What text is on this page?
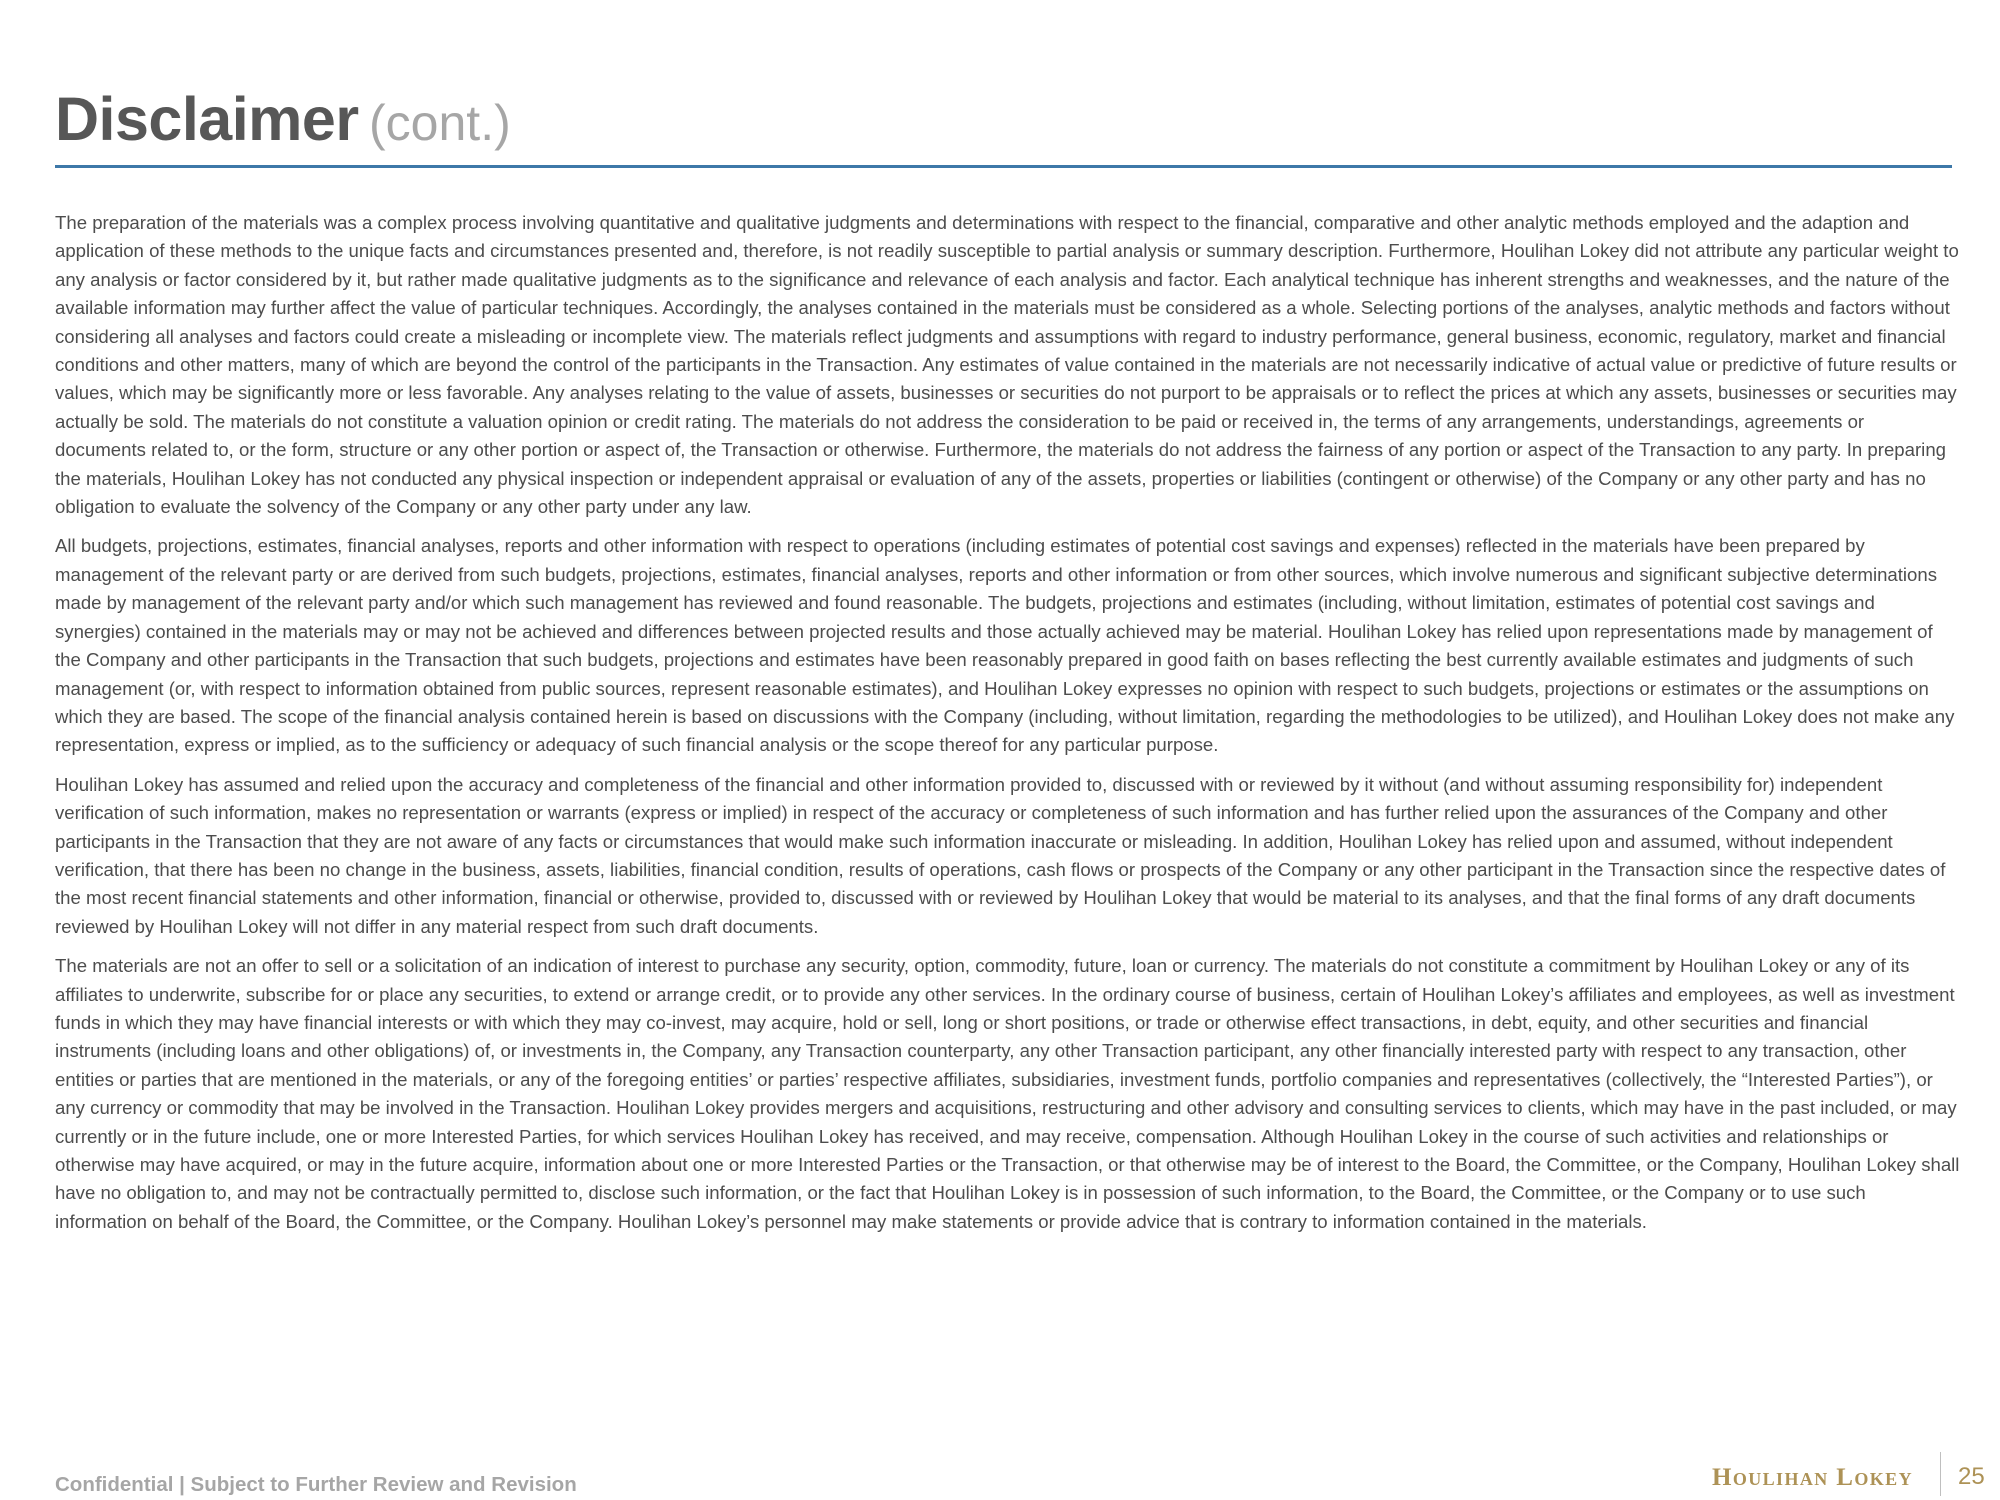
Disclaimer (cont.)

The preparation of the materials was a complex process involving quantitative and qualitative judgments and determinations with respect to the financial, comparative and other analytic methods employed and the adaption and application of these methods to the unique facts and circumstances presented and, therefore, is not readily susceptible to partial analysis or summary description. Furthermore, Houlihan Lokey did not attribute any particular weight to any analysis or factor considered by it, but rather made qualitative judgments as to the significance and relevance of each analysis and factor. Each analytical technique has inherent strengths and weaknesses, and the nature of the available information may further affect the value of particular techniques. Accordingly, the analyses contained in the materials must be considered as a whole. Selecting portions of the analyses, analytic methods and factors without considering all analyses and factors could create a misleading or incomplete view. The materials reflect judgments and assumptions with regard to industry performance, general business, economic, regulatory, market and financial conditions and other matters, many of which are beyond the control of the participants in the Transaction. Any estimates of value contained in the materials are not necessarily indicative of actual value or predictive of future results or values, which may be significantly more or less favorable. Any analyses relating to the value of assets, businesses or securities do not purport to be appraisals or to reflect the prices at which any assets, businesses or securities may actually be sold. The materials do not constitute a valuation opinion or credit rating. The materials do not address the consideration to be paid or received in, the terms of any arrangements, understandings, agreements or documents related to, or the form, structure or any other portion or aspect of, the Transaction or otherwise. Furthermore, the materials do not address the fairness of any portion or aspect of the Transaction to any party. In preparing the materials, Houlihan Lokey has not conducted any physical inspection or independent appraisal or evaluation of any of the assets, properties or liabilities (contingent or otherwise) of the Company or any other party and has no obligation to evaluate the solvency of the Company or any other party under any law.

All budgets, projections, estimates, financial analyses, reports and other information with respect to operations (including estimates of potential cost savings and expenses) reflected in the materials have been prepared by management of the relevant party or are derived from such budgets, projections, estimates, financial analyses, reports and other information or from other sources, which involve numerous and significant subjective determinations made by management of the relevant party and/or which such management has reviewed and found reasonable. The budgets, projections and estimates (including, without limitation, estimates of potential cost savings and synergies) contained in the materials may or may not be achieved and differences between projected results and those actually achieved may be material. Houlihan Lokey has relied upon representations made by management of the Company and other participants in the Transaction that such budgets, projections and estimates have been reasonably prepared in good faith on bases reflecting the best currently available estimates and judgments of such management (or, with respect to information obtained from public sources, represent reasonable estimates), and Houlihan Lokey expresses no opinion with respect to such budgets, projections or estimates or the assumptions on which they are based. The scope of the financial analysis contained herein is based on discussions with the Company (including, without limitation, regarding the methodologies to be utilized), and Houlihan Lokey does not make any representation, express or implied, as to the sufficiency or adequacy of such financial analysis or the scope thereof for any particular purpose.

Houlihan Lokey has assumed and relied upon the accuracy and completeness of the financial and other information provided to, discussed with or reviewed by it without (and without assuming responsibility for) independent verification of such information, makes no representation or warrants (express or implied) in respect of the accuracy or completeness of such information and has further relied upon the assurances of the Company and other participants in the Transaction that they are not aware of any facts or circumstances that would make such information inaccurate or misleading. In addition, Houlihan Lokey has relied upon and assumed, without independent verification, that there has been no change in the business, assets, liabilities, financial condition, results of operations, cash flows or prospects of the Company or any other participant in the Transaction since the respective dates of the most recent financial statements and other information, financial or otherwise, provided to, discussed with or reviewed by Houlihan Lokey that would be material to its analyses, and that the final forms of any draft documents reviewed by Houlihan Lokey will not differ in any material respect from such draft documents.

The materials are not an offer to sell or a solicitation of an indication of interest to purchase any security, option, commodity, future, loan or currency. The materials do not constitute a commitment by Houlihan Lokey or any of its affiliates to underwrite, subscribe for or place any securities, to extend or arrange credit, or to provide any other services. In the ordinary course of business, certain of Houlihan Lokey’s affiliates and employees, as well as investment funds in which they may have financial interests or with which they may co-invest, may acquire, hold or sell, long or short positions, or trade or otherwise effect transactions, in debt, equity, and other securities and financial instruments (including loans and other obligations) of, or investments in, the Company, any Transaction counterparty, any other Transaction participant, any other financially interested party with respect to any transaction, other entities or parties that are mentioned in the materials, or any of the foregoing entities’ or parties’ respective affiliates, subsidiaries, investment funds, portfolio companies and representatives (collectively, the “Interested Parties”), or any currency or commodity that may be involved in the Transaction. Houlihan Lokey provides mergers and acquisitions, restructuring and other advisory and consulting services to clients, which may have in the past included, or may currently or in the future include, one or more Interested Parties, for which services Houlihan Lokey has received, and may receive, compensation. Although Houlihan Lokey in the course of such activities and relationships or otherwise may have acquired, or may in the future acquire, information about one or more Interested Parties or the Transaction, or that otherwise may be of interest to the Board, the Committee, or the Company, Houlihan Lokey shall have no obligation to, and may not be contractually permitted to, disclose such information, or the fact that Houlihan Lokey is in possession of such information, to the Board, the Committee, or the Company or to use such information on behalf of the Board, the Committee, or the Company. Houlihan Lokey’s personnel may make statements or provide advice that is contrary to information contained in the materials.

Confidential | Subject to Further Review and Revision	Houlihan Lokey 25
